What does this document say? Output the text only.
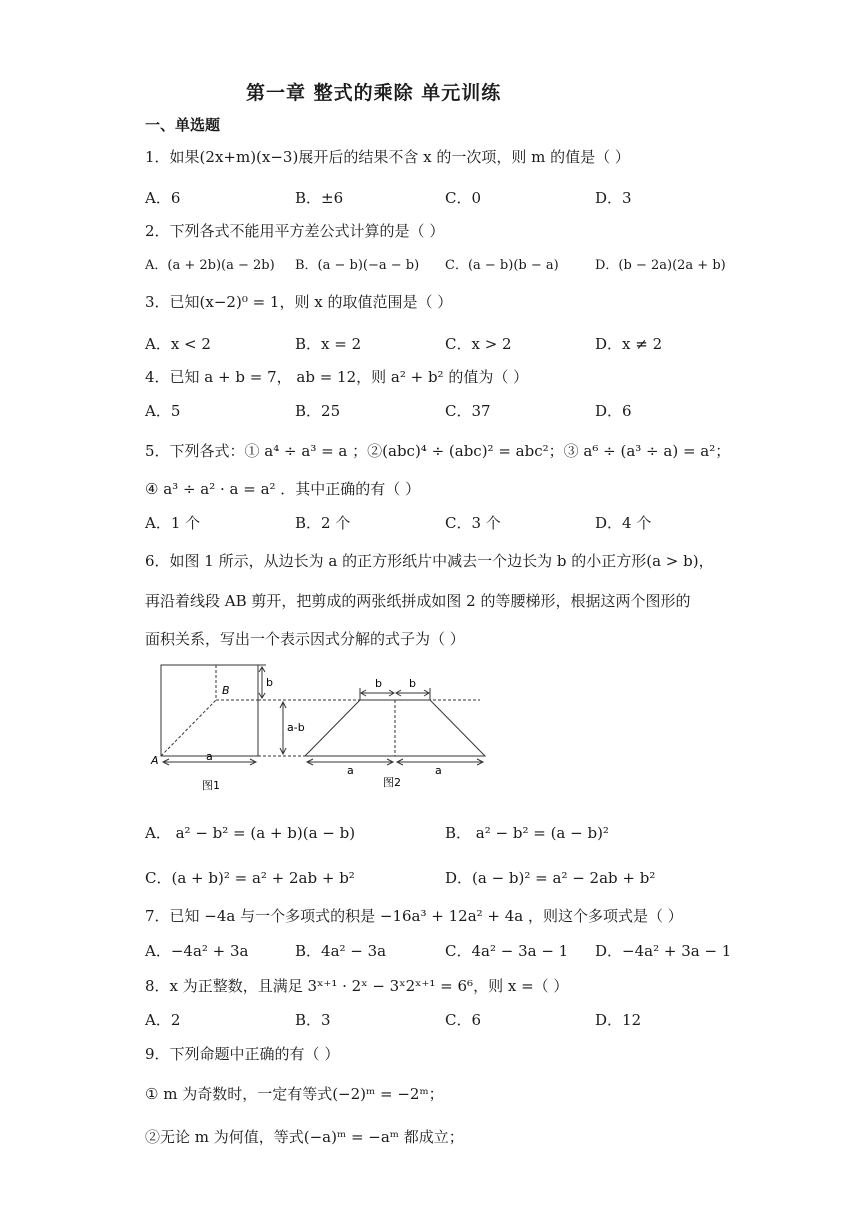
第一章 整式的乘除 单元训练
一、单选题
1．如果(2x+m)(x−3)展开后的结果不含 x 的一次项，则 m 的值是（ ）
A．6	B．±6	C．0	D．3
2．下列各式不能用平方差公式计算的是（ ）
A．(a + 2b)(a − 2b) B．(a − b)(−a − b) C．(a − b)(b − a)	D．(b − 2a)(2a + b)
3．已知(x−2)⁰ = 1，则 x 的取值范围是（ ）
A．x < 2	B．x = 2	C．x > 2	D．x ≠ 2
4．已知 a + b = 7， ab = 12，则 a² + b² 的值为（ ）
A．5	B．25	C．37	D．6
5．下列各式：① a⁴ ÷ a³ = a ；②(abc)⁴ ÷ (abc)² = abc²；③ a⁶ ÷ (a³ ÷ a) = a²；
④ a³ ÷ a² · a = a² ．其中正确的有（ ）
A．1 个	B．2 个	C．3 个	D．4 个
6．如图 1 所示，从边长为 a 的正方形纸片中减去一个边长为 b 的小正方形(a > b)，
再沿着线段 AB 剪开，把剪成的两张纸拼成如图 2 的等腰梯形，根据这两个图形的
面积关系，写出一个表示因式分解的式子为（ ）
b
B
a-b
A	a
图1
b b
a	a
图2
A． a² − b² = (a + b)(a − b)	B． a² − b² = (a − b)²
C．(a + b)² = a² + 2ab + b²	D．(a − b)² = a² − 2ab + b²
7．已知 −4a 与一个多项式的积是 −16a³ + 12a² + 4a ，则这个多项式是（ ）
A．−4a² + 3a	B．4a² − 3a	C．4a² − 3a − 1 D．−4a² + 3a − 1
8．x 为正整数，且满足 3ˣ⁺¹ · 2ˣ − 3ˣ2ˣ⁺¹ = 6⁶，则 x =（ ）
A．2	B．3	C．6	D．12
9．下列命题中正确的有（ ）
① m 为奇数时，一定有等式(−2)ᵐ = −2ᵐ；
②无论 m 为何值，等式(−a)ᵐ = −aᵐ 都成立；
